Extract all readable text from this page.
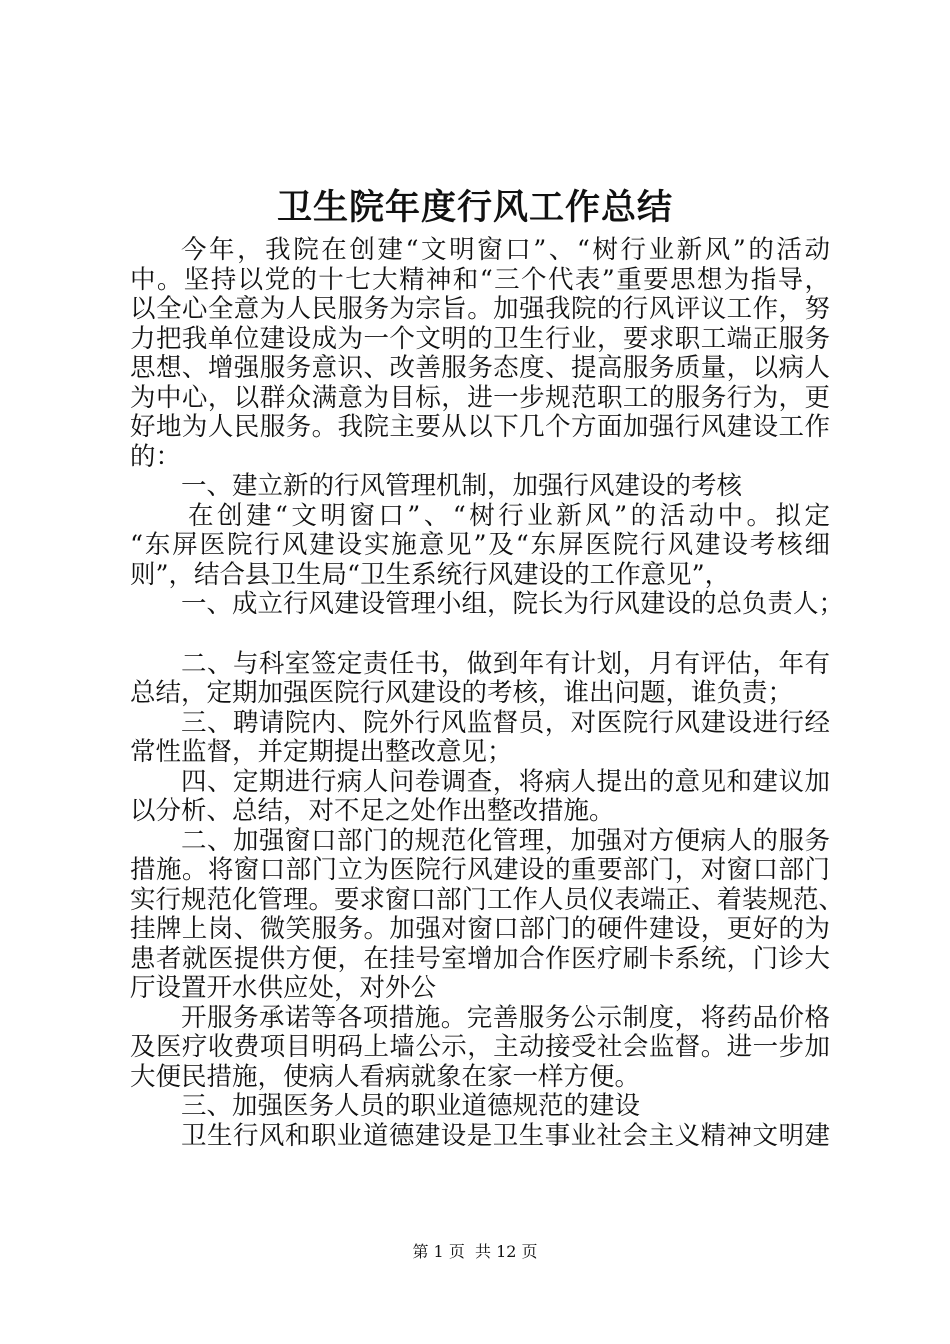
卫生院年度行风工作总结
今年，我院在创建“文明窗口”、“树行业新风”的活动
中。坚持以党的十七大精神和“三个代表”重要思想为指导，
以全心全意为人民服务为宗旨。加强我院的行风评议工作，努
力把我单位建设成为一个文明的卫生行业，要求职工端正服务
思想、增强服务意识、改善服务态度、提高服务质量，以病人
为中心，以群众满意为目标，进一步规范职工的服务行为，更
好地为人民服务。我院主要从以下几个方面加强行风建设工作
的：
一、建立新的行风管理机制，加强行风建设的考核
在创建“文明窗口”、“树行业新风”的活动中。拟定
“东屏医院行风建设实施意见”及“东屏医院行风建设考核细
则”，结合县卫生局“卫生系统行风建设的工作意见”，
一、成立行风建设管理小组，院长为行风建设的总负责人；
二、与科室签定责任书，做到年有计划，月有评估，年有
总结，定期加强医院行风建设的考核，谁出问题，谁负责；
三、聘请院内、院外行风监督员，对医院行风建设进行经
常性监督，并定期提出整改意见；
四、定期进行病人问卷调查，将病人提出的意见和建议加
以分析、总结，对不足之处作出整改措施。
二、加强窗口部门的规范化管理，加强对方便病人的服务
措施。将窗口部门立为医院行风建设的重要部门，对窗口部门
实行规范化管理。要求窗口部门工作人员仪表端正、着装规范、
挂牌上岗、微笑服务。加强对窗口部门的硬件建设，更好的为
患者就医提供方便，在挂号室增加合作医疗刷卡系统，门诊大
厅设置开水供应处，对外公
开服务承诺等各项措施。完善服务公示制度，将药品价格
及医疗收费项目明码上墙公示，主动接受社会监督。进一步加
大便民措施，使病人看病就象在家一样方便。
三、加强医务人员的职业道德规范的建设
卫生行风和职业道德建设是卫生事业社会主义精神文明建
第 1 页  共 12 页
